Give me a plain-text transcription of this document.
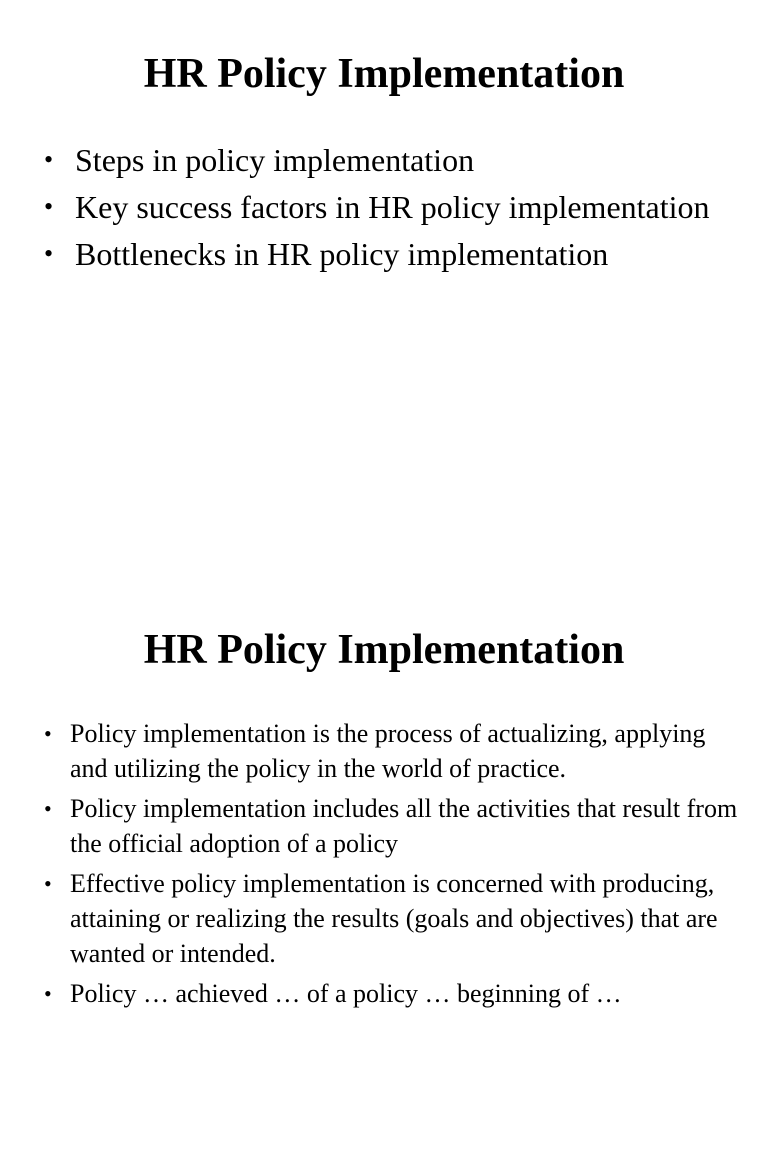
HR Policy Implementation
• Steps in policy implementation
• Key success factors in HR policy implementation
• Bottlenecks in HR policy implementation
HR Policy Implementation
• Policy implementation is the process of actualizing, applying and utilizing the policy in the world of practice.
• Policy implementation includes all the activities that result from the official adoption of a policy
• Effective policy implementation is concerned with producing, attaining or realizing the results (goals and objectives) that are wanted or intended.
• Policy … achieved … of a policy … beginning of …
